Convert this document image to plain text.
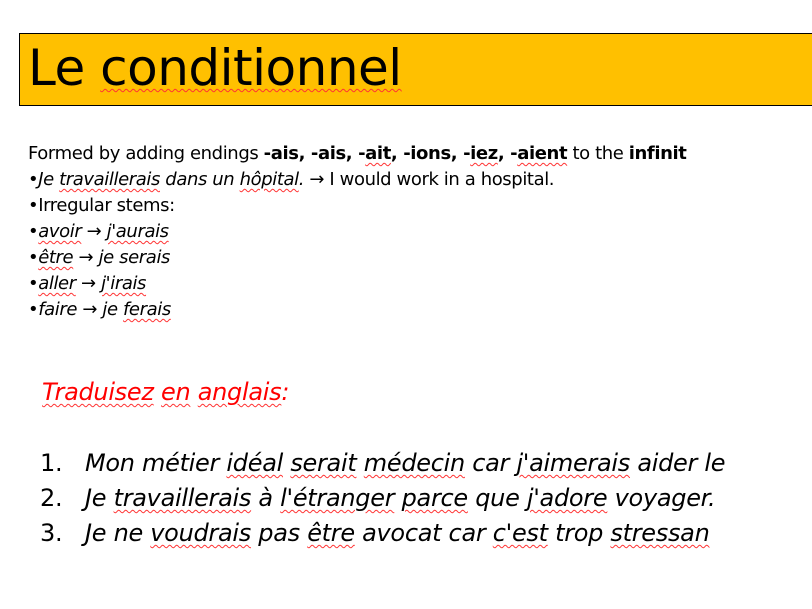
Le conditionnel
Formed by adding endings -ais, -ais, -ait, -ions, -iez, -aient to the infinit
•Je travaillerais dans un hôpital. → I would work in a hospital.
•Irregular stems:
•avoir → j'aurais
•être → je serais
•aller → j'irais
•faire → je ferais
Traduisez en anglais:
1. Mon métier idéal serait médecin car j'aimerais aider le
2. Je travaillerais à l'étranger parce que j'adore voyager.
3. Je ne voudrais pas être avocat car c'est trop stressan
